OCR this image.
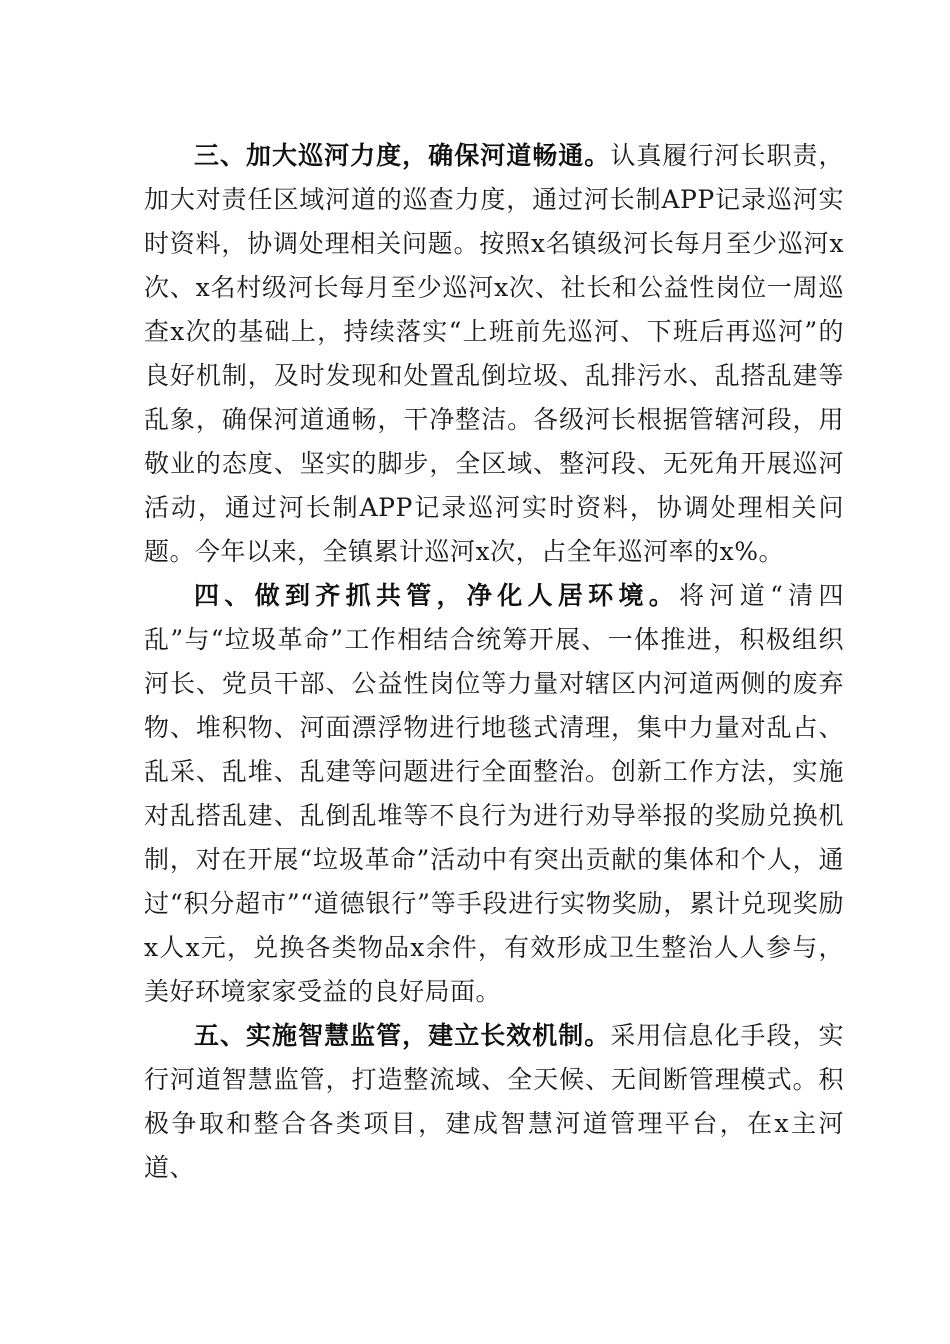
三、加大巡河力度，确保河道畅通。认真履行河长职责，加大对责任区域河道的巡查力度，通过河长制APP记录巡河实时资料，协调处理相关问题。按照x名镇级河长每月至少巡河x次、x名村级河长每月至少巡河x次、社长和公益性岗位一周巡查x次的基础上，持续落实“上班前先巡河、下班后再巡河”的良好机制，及时发现和处置乱倒垃圾、乱排污水、乱搭乱建等乱象，确保河道通畅，干净整洁。各级河长根据管辖河段，用敬业的态度、坚实的脚步，全区域、整河段、无死角开展巡河活动，通过河长制APP记录巡河实时资料，协调处理相关问题。今年以来，全镇累计巡河x次，占全年巡河率的x%。

四、做到齐抓共管，净化人居环境。将河道“清四乱”与“垃圾革命”工作相结合统筹开展、一体推进，积极组织河长、党员干部、公益性岗位等力量对辖区内河道两侧的废弃物、堆积物、河面漂浮物进行地毯式清理，集中力量对乱占、乱采、乱堆、乱建等问题进行全面整治。创新工作方法，实施对乱搭乱建、乱倒乱堆等不良行为进行劝导举报的奖励兑换机制，对在开展“垃圾革命”活动中有突出贡献的集体和个人，通过“积分超市”“道德银行”等手段进行实物奖励，累计兑现奖励x人x元，兑换各类物品x余件，有效形成卫生整治人人参与，美好环境家家受益的良好局面。

五、实施智慧监管，建立长效机制。采用信息化手段，实行河道智慧监管，打造整流域、全天候、无间断管理模式。积极争取和整合各类项目，建成智慧河道管理平台，在x主河道、
